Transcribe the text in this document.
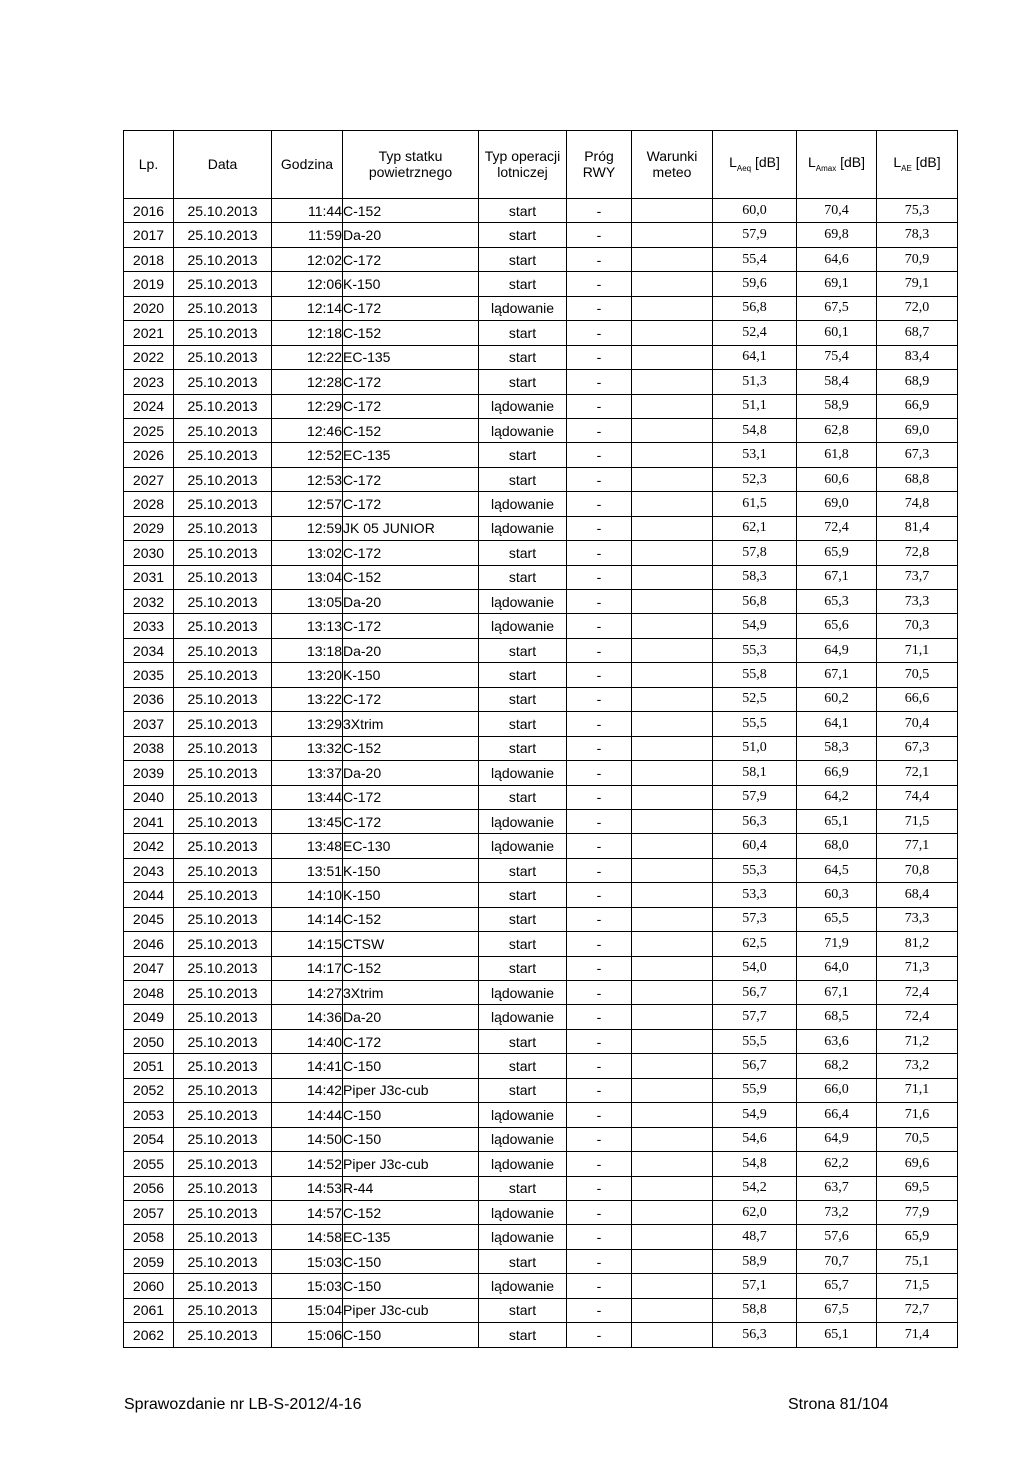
Lp.	Data	Godzina	Typ statku powietrznego	Typ operacji lotniczej	Próg RWY	Warunki meteo	$L_{Aeq}$ [dB]	$L_{Amax}$ [dB]	$L_{AE}$ [dB]
2016	25.10.2013	11:44	C-152	start	-		60,0	70,4	75,3
2017	25.10.2013	11:59	Da-20	start	-		57,9	69,8	78,3
2018	25.10.2013	12:02	C-172	start	-		55,4	64,6	70,9
2019	25.10.2013	12:06	K-150	start	-		59,6	69,1	79,1
2020	25.10.2013	12:14	C-172	lądowanie	-		56,8	67,5	72,0
2021	25.10.2013	12:18	C-152	start	-		52,4	60,1	68,7
2022	25.10.2013	12:22	EC-135	start	-		64,1	75,4	83,4
2023	25.10.2013	12:28	C-172	start	-		51,3	58,4	68,9
2024	25.10.2013	12:29	C-172	lądowanie	-		51,1	58,9	66,9
2025	25.10.2013	12:46	C-152	lądowanie	-		54,8	62,8	69,0
2026	25.10.2013	12:52	EC-135	start	-		53,1	61,8	67,3
2027	25.10.2013	12:53	C-172	start	-		52,3	60,6	68,8
2028	25.10.2013	12:57	C-172	lądowanie	-		61,5	69,0	74,8
2029	25.10.2013	12:59	JK 05 JUNIOR	lądowanie	-		62,1	72,4	81,4
2030	25.10.2013	13:02	C-172	start	-		57,8	65,9	72,8
2031	25.10.2013	13:04	C-152	start	-		58,3	67,1	73,7
2032	25.10.2013	13:05	Da-20	lądowanie	-		56,8	65,3	73,3
2033	25.10.2013	13:13	C-172	lądowanie	-		54,9	65,6	70,3
2034	25.10.2013	13:18	Da-20	start	-		55,3	64,9	71,1
2035	25.10.2013	13:20	K-150	start	-		55,8	67,1	70,5
2036	25.10.2013	13:22	C-172	start	-		52,5	60,2	66,6
2037	25.10.2013	13:29	3Xtrim	start	-		55,5	64,1	70,4
2038	25.10.2013	13:32	C-152	start	-		51,0	58,3	67,3
2039	25.10.2013	13:37	Da-20	lądowanie	-		58,1	66,9	72,1
2040	25.10.2013	13:44	C-172	start	-		57,9	64,2	74,4
2041	25.10.2013	13:45	C-172	lądowanie	-		56,3	65,1	71,5
2042	25.10.2013	13:48	EC-130	lądowanie	-		60,4	68,0	77,1
2043	25.10.2013	13:51	K-150	start	-		55,3	64,5	70,8
2044	25.10.2013	14:10	K-150	start	-		53,3	60,3	68,4
2045	25.10.2013	14:14	C-152	start	-		57,3	65,5	73,3
2046	25.10.2013	14:15	CTSW	start	-		62,5	71,9	81,2
2047	25.10.2013	14:17	C-152	start	-		54,0	64,0	71,3
2048	25.10.2013	14:27	3Xtrim	lądowanie	-		56,7	67,1	72,4
2049	25.10.2013	14:36	Da-20	lądowanie	-		57,7	68,5	72,4
2050	25.10.2013	14:40	C-172	start	-		55,5	63,6	71,2
2051	25.10.2013	14:41	C-150	start	-		56,7	68,2	73,2
2052	25.10.2013	14:42	Piper J3c-cub	start	-		55,9	66,0	71,1
2053	25.10.2013	14:44	C-150	lądowanie	-		54,9	66,4	71,6
2054	25.10.2013	14:50	C-150	lądowanie	-		54,6	64,9	70,5
2055	25.10.2013	14:52	Piper J3c-cub	lądowanie	-		54,8	62,2	69,6
2056	25.10.2013	14:53	R-44	start	-		54,2	63,7	69,5
2057	25.10.2013	14:57	C-152	lądowanie	-		62,0	73,2	77,9
2058	25.10.2013	14:58	EC-135	lądowanie	-		48,7	57,6	65,9
2059	25.10.2013	15:03	C-150	start	-		58,9	70,7	75,1
2060	25.10.2013	15:03	C-150	lądowanie	-		57,1	65,7	71,5
2061	25.10.2013	15:04	Piper J3c-cub	start	-		58,8	67,5	72,7
2062	25.10.2013	15:06	C-150	start	-		56,3	65,1	71,4
Sprawozdanie nr LB-S-2012/4-16	Strona 81/104
